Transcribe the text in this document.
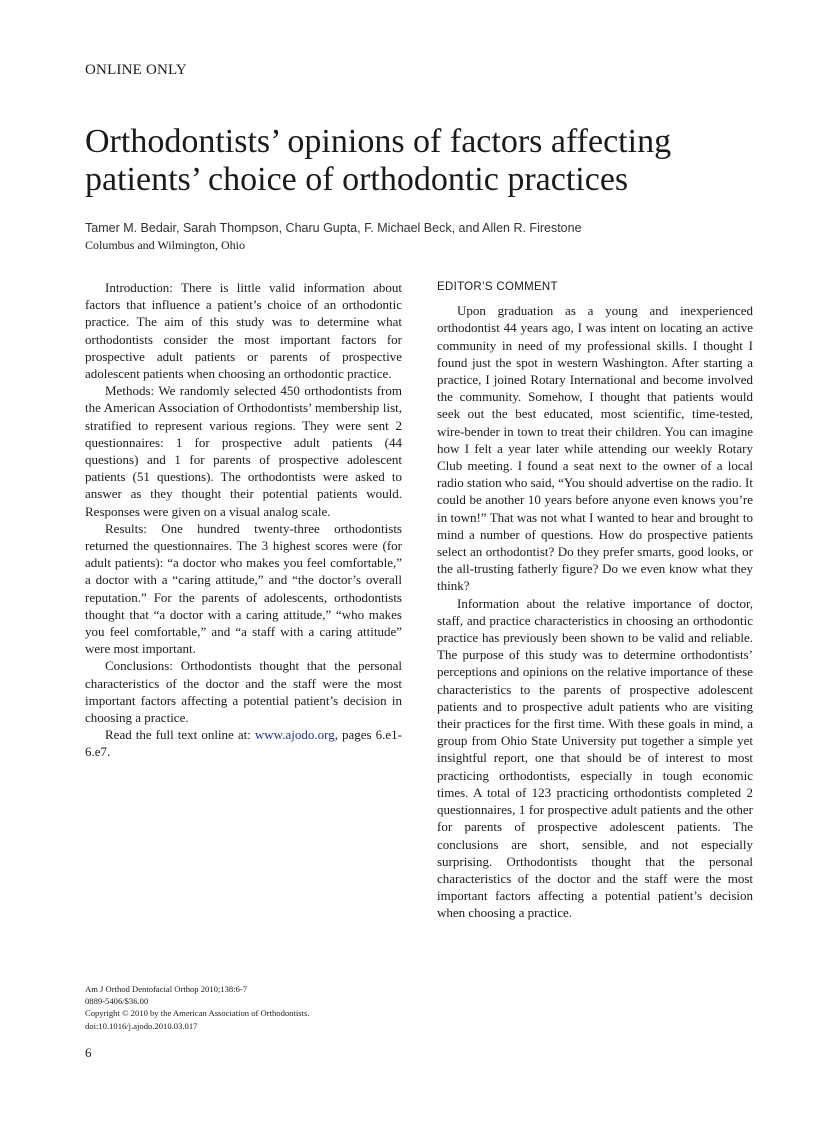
ONLINE ONLY
Orthodontists’ opinions of factors affecting patients’ choice of orthodontic practices
Tamer M. Bedair, Sarah Thompson, Charu Gupta, F. Michael Beck, and Allen R. Firestone
Columbus and Wilmington, Ohio

Introduction: There is little valid information about factors that influence a patient’s choice of an orthodontic practice. The aim of this study was to determine what orthodontists consider the most important factors for prospective adult patients or parents of prospective adolescent patients when choosing an orthodontic practice.

Methods: We randomly selected 450 orthodontists from the American Association of Orthodontists’ membership list, stratified to represent various regions. They were sent 2 questionnaires: 1 for prospective adult patients (44 questions) and 1 for parents of prospective adolescent patients (51 questions). The orthodontists were asked to answer as they thought their potential patients would. Responses were given on a visual analog scale.

Results: One hundred twenty-three orthodontists returned the questionnaires. The 3 highest scores were (for adult patients): “a doctor who makes you feel comfortable,” a doctor with a “caring attitude,” and “the doctor’s overall reputation.” For the parents of adolescents, orthodontists thought that “a doctor with a caring attitude,” “who makes you feel comfortable,” and “a staff with a caring attitude” were most important.

Conclusions: Orthodontists thought that the personal characteristics of the doctor and the staff were the most important factors affecting a potential patient’s decision in choosing a practice.

Read the full text online at: www.ajodo.org, pages 6.e1-6.e7.

EDITOR’S COMMENT

Upon graduation as a young and inexperienced orthodontist 44 years ago, I was intent on locating an active community in need of my professional skills. I thought I found just the spot in western Washington. After starting a practice, I joined Rotary International and become involved the community. Somehow, I thought that patients would seek out the best educated, most scientific, time-tested, wire-bender in town to treat their children. You can imagine how I felt a year later while attending our weekly Rotary Club meeting. I found a seat next to the owner of a local radio station who said, “You should advertise on the radio. It could be another 10 years before anyone even knows you’re in town!” That was not what I wanted to hear and brought to mind a number of questions. How do prospective patients select an orthodontist? Do they prefer smarts, good looks, or the all-trusting fatherly figure? Do we even know what they think?

Information about the relative importance of doctor, staff, and practice characteristics in choosing an orthodontic practice has previously been shown to be valid and reliable. The purpose of this study was to determine orthodontists’ perceptions and opinions on the relative importance of these characteristics to the parents of prospective adolescent patients and to prospective adult patients who are visiting their practices for the first time. With these goals in mind, a group from Ohio State University put together a simple yet insightful report, one that should be of interest to most practicing orthodontists, especially in tough economic times. A total of 123 practicing orthodontists completed 2 questionnaires, 1 for prospective adult patients and the other for parents of prospective adolescent patients. The conclusions are short, sensible, and not especially surprising. Orthodontists thought that the personal characteristics of the doctor and the staff were the most important factors affecting a potential patient’s decision when choosing a practice.

Am J Orthod Dentofacial Orthop 2010;138:6-7
0889-5406/$36.00
Copyright © 2010 by the American Association of Orthodontists.
doi:10.1016/j.ajodo.2010.03.017
6
